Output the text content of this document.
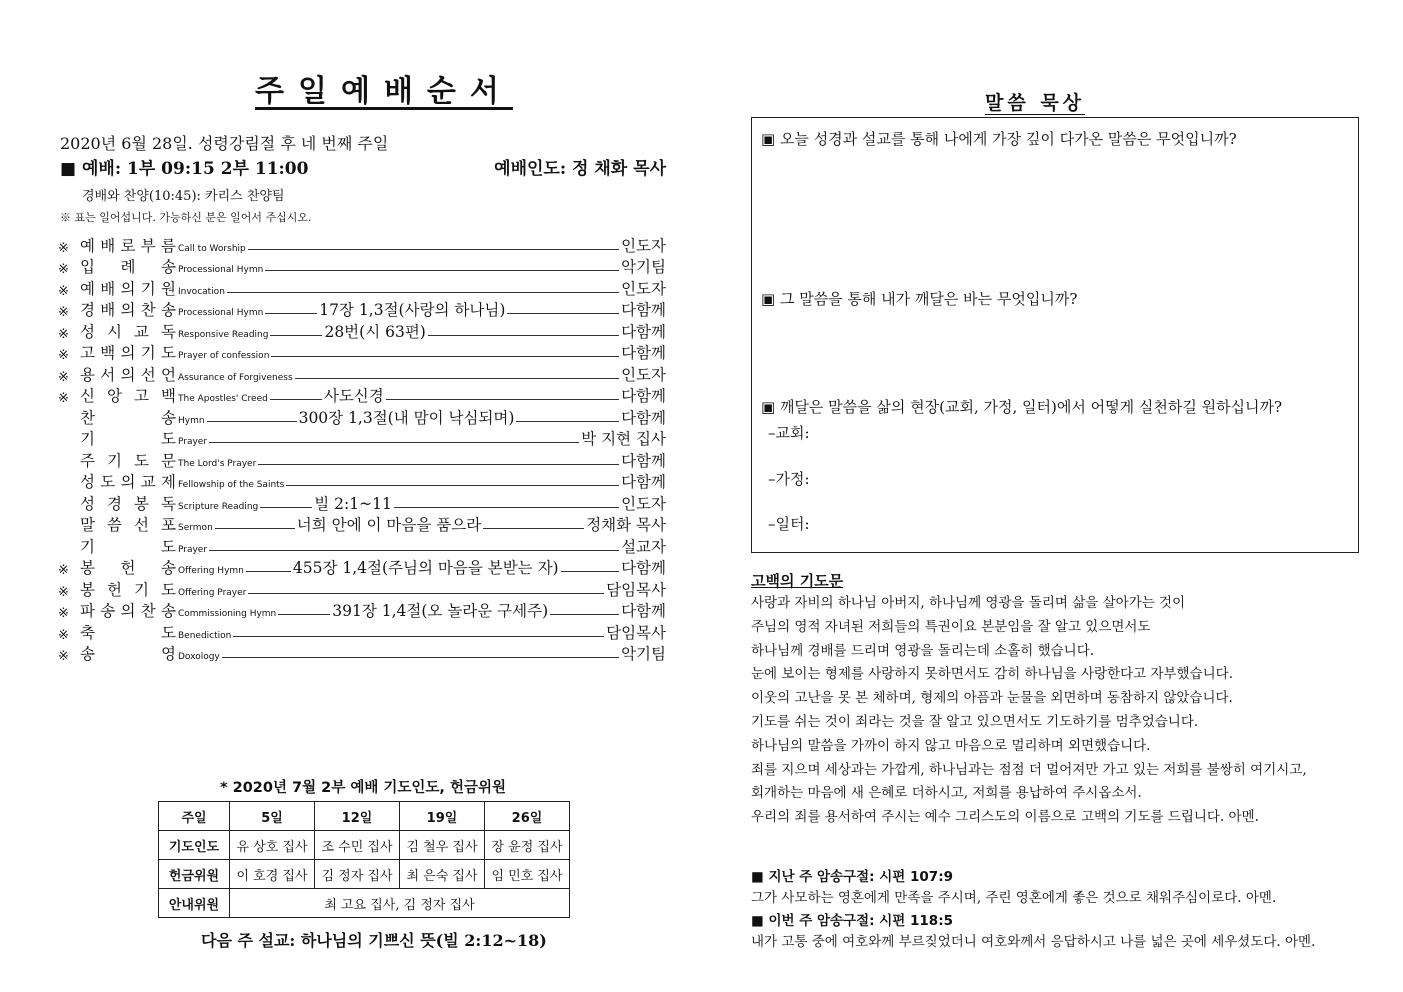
주일예배순서
2020년 6월 28일. 성령강림절 후 네 번째 주일
■ 예배: 1부 09:15 2부 11:00	예배인도: 정 채화 목사
경배와 찬양(10:45): 카리스 찬양팀
※ 표는 일어섭니다. 가능하신 분은 일어서 주십시오.
※ 예 배 로 부 름 Call to Worship	인도자
※ 입 례 송 Processional Hymn	악기팀
※ 예 배 의 기 원 Invocation	인도자
※ 경 배 의 찬 송 Processional Hymn	17장 1,3절(사랑의 하나님)	다함께
※ 성 시 교 독 Responsive Reading	28번(시 63편)	다함께
※ 고 백 의 기 도 Prayer of confession	다함께
※ 용 서 의 선 언 Assurance of Forgiveness	인도자
※ 신 앙 고 백 The Apostles' Creed	사도신경	다함께
찬	송 Hymn	300장 1,3절(내 맘이 낙심되며)	다함께
기	도 Prayer	박 지현 집사
주 기 도 문 The Lord's Prayer	다함께
성 도 의 교 제 Fellowship of the Saints	다함께
성 경 봉 독 Scripture Reading	빌 2:1~11	인도자
말 씀 선 포 Sermon	너희 안에 이 마음을 품으라	정채화 목사
기	도 Prayer	설교자
※ 봉 헌 송 Offering Hymn	455장 1,4절(주님의 마음을 본받는 자)	다함께
※ 봉 헌 기 도 Offering Prayer	담임목사
※ 파 송 의 찬 송 Commissioning Hymn	391장 1,4절(오 놀라운 구세주)	다함께
※ 축	도 Benediction	담임목사
※ 송	영 Doxology	악기팀
* 2020년 7월 2부 예배 기도인도, 헌금위원
주일	5일	12일	19일	26일
기도인도	유 상호 집사	조 수민 집사	김 철우 집사	장 윤정 집사
헌금위원	이 호경 집사	김 정자 집사	최 은숙 집사	임 민호 집사
안내위원	최 고요 집사, 김 정자 집사			
다음 주 설교: 하나님의 기쁘신 뜻(빌 2:12~18)
말씀 묵상
▣ 오늘 성경과 설교를 통해 나에게 가장 깊이 다가온 말씀은 무엇입니까?
▣ 그 말씀을 통해 내가 깨달은 바는 무엇입니까?
▣ 깨달은 말씀을 삶의 현장(교회, 가정, 일터)에서 어떻게 실천하길 원하십니까?
–교회:
–가정:
–일터:
고백의 기도문
사랑과 자비의 하나님 아버지, 하나님께 영광을 돌리며 삶을 살아가는 것이
주님의 영적 자녀된 저희들의 특권이요 본분임을 잘 알고 있으면서도
하나님께 경배를 드리며 영광을 돌리는데 소홀히 했습니다.
눈에 보이는 형제를 사랑하지 못하면서도 감히 하나님을 사랑한다고 자부했습니다.
이웃의 고난을 못 본 체하며, 형제의 아픔과 눈물을 외면하며 동참하지 않았습니다.
기도를 쉬는 것이 죄라는 것을 잘 알고 있으면서도 기도하기를 멈추었습니다.
하나님의 말씀을 가까이 하지 않고 마음으로 멀리하며 외면했습니다.
죄를 지으며 세상과는 가깝게, 하나님과는 점점 더 멀어져만 가고 있는 저희를 불쌍히 여기시고,
회개하는 마음에 새 은혜로 더하시고, 저희를 용납하여 주시옵소서.
우리의 죄를 용서하여 주시는 예수 그리스도의 이름으로 고백의 기도를 드립니다. 아멘.
■ 지난 주 암송구절: 시편 107:9
그가 사모하는 영혼에게 만족을 주시며, 주린 영혼에게 좋은 것으로 채워주심이로다. 아멘.
■ 이번 주 암송구절: 시편 118:5
내가 고통 중에 여호와께 부르짖었더니 여호와께서 응답하시고 나를 넓은 곳에 세우셨도다. 아멘.
